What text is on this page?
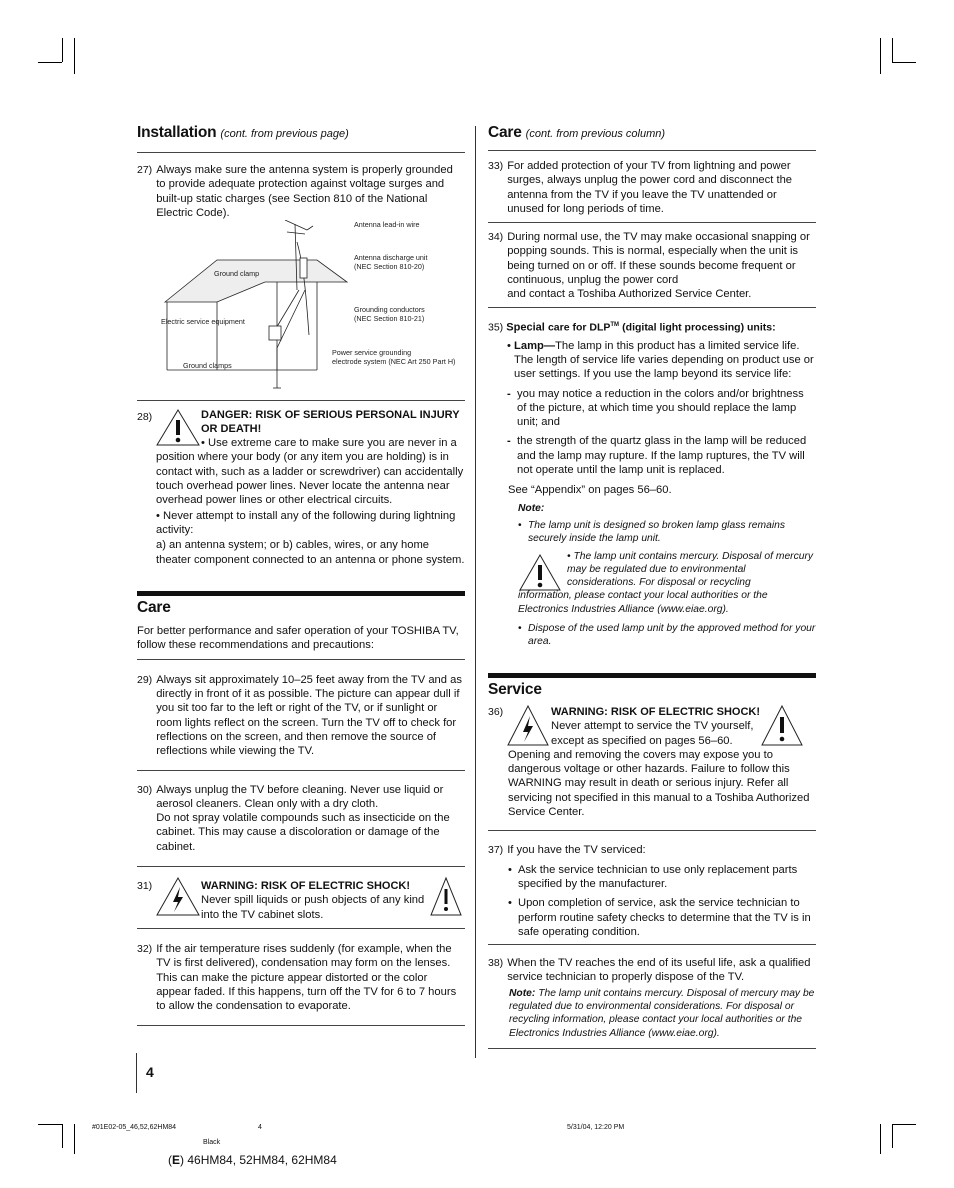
Installation (cont. from previous page)
27) Always make sure the antenna system is properly grounded to provide adequate protection against voltage surges and built-up static charges (see Section 810 of the National Electric Code).
Antenna lead-in wire
Antenna discharge unit
(NEC Section 810-20)
Ground clamp
Grounding conductors
(NEC Section 810-21)
Electric service equipment
Power service grounding
electrode system (NEC Art 250 Part H)
Ground clamps
28)	DANGER: RISK OF SERIOUS PERSONAL INJURY OR DEATH!
• Use extreme care to make sure you are never in a position where your body (or any item you are holding) is in contact with, such as a ladder or screwdriver) can accidentally touch overhead power lines. Never locate the antenna near overhead power lines or other electrical circuits.
• Never attempt to install any of the following during lightning activity:
a) an antenna system; or b) cables, wires, or any home theater component connected to an antenna or phone system.
Care
For better performance and safer operation of your TOSHIBA TV, follow these recommendations and precautions:
29) Always sit approximately 10–25 feet away from the TV and as directly in front of it as possible. The picture can appear dull if you sit too far to the left or right of the TV, or if sunlight or room lights reflect on the screen. Turn the TV off to check for reflections on the screen, and then remove the source of reflections while viewing the TV.
30) Always unplug the TV before cleaning. Never use liquid or aerosol cleaners. Clean only with a dry cloth.
Do not spray volatile compounds such as insecticide on the cabinet. This may cause a discoloration or damage of the cabinet.
31)	WARNING: RISK OF ELECTRIC SHOCK!
Never spill liquids or push objects of any kind into the TV cabinet slots.
32) If the air temperature rises suddenly (for example, when the TV is first delivered), condensation may form on the lenses. This can make the picture appear distorted or the color appear faded. If this happens, turn off the TV for 6 to 7 hours to allow the condensation to evaporate.
4
Care (cont. from previous column)
33) For added protection of your TV from lightning and power surges, always unplug the power cord and disconnect the antenna from the TV if you leave the TV unattended or unused for long periods of time.
34) During normal use, the TV may make occasional snapping or popping sounds. This is normal, especially when the unit is being turned on or off. If these sounds become frequent or continuous, unplug the power cord
and contact a Toshiba Authorized Service Center.
35) Special care for DLP™ (digital light processing) units:
• Lamp—The lamp in this product has a limited service life. The length of service life varies depending on product use or user settings. If you use the lamp beyond its service life:
- you may notice a reduction in the colors and/or brightness of the picture, at which time you should replace the lamp unit; and
- the strength of the quartz glass in the lamp will be reduced and the lamp may rupture. If the lamp ruptures, the TV will not operate until the lamp unit is replaced.
See “Appendix” on pages 56–60.
Note:
• The lamp unit is designed so broken lamp glass remains securely inside the lamp unit.
• The lamp unit contains mercury. Disposal of mercury may be regulated due to environmental considerations. For disposal or recycling
information, please contact your local authorities or the Electronics Industries Alliance (www.eiae.org).
• Dispose of the used lamp unit by the approved method for your area.
Service
36)	WARNING: RISK OF ELECTRIC SHOCK!
Never attempt to service the TV yourself, except as specified on pages 56–60.
Opening and removing the covers may expose you to dangerous voltage or other hazards. Failure to follow this WARNING may result in death or serious injury. Refer all servicing not specified in this manual to a Toshiba Authorized Service Center.
37) If you have the TV serviced:
• Ask the service technician to use only replacement parts specified by the manufacturer.
• Upon completion of service, ask the service technician to perform routine safety checks to determine that the TV is in safe operating condition.
38) When the TV reaches the end of its useful life, ask a qualified service technician to properly dispose of the TV.
Note: The lamp unit contains mercury. Disposal of mercury may be regulated due to environmental considerations. For disposal or recycling information, please contact your local authorities or the Electronics Industries Alliance (www.eiae.org).
#01E02-05_46,52,62HM84	4	5/31/04, 12:20 PM
Black
(E) 46HM84, 52HM84, 62HM84
